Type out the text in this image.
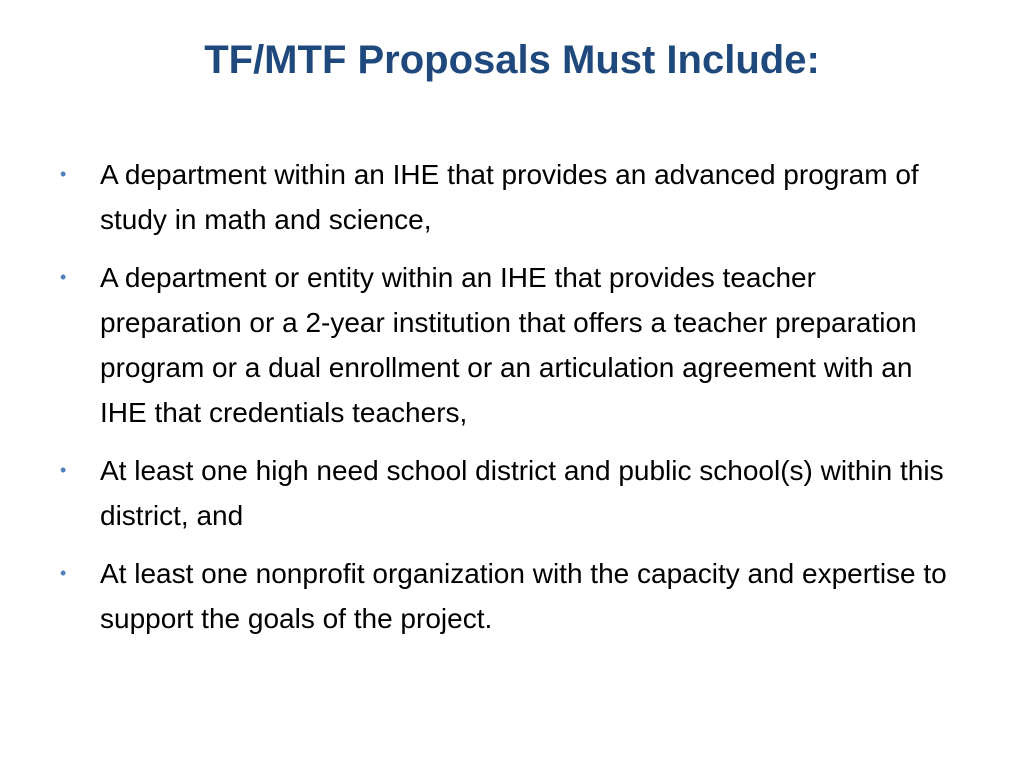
TF/MTF Proposals Must Include:
•	A department within an IHE that provides an advanced program of study in math and science,
•	A department or entity within an IHE that provides teacher preparation or a 2-year institution that offers a teacher preparation program or a dual enrollment or an articulation agreement with an IHE that credentials teachers,
•	At least one high need school district and public school(s) within this district, and
•	At least one nonprofit organization with the capacity and expertise to support the goals of the project.
